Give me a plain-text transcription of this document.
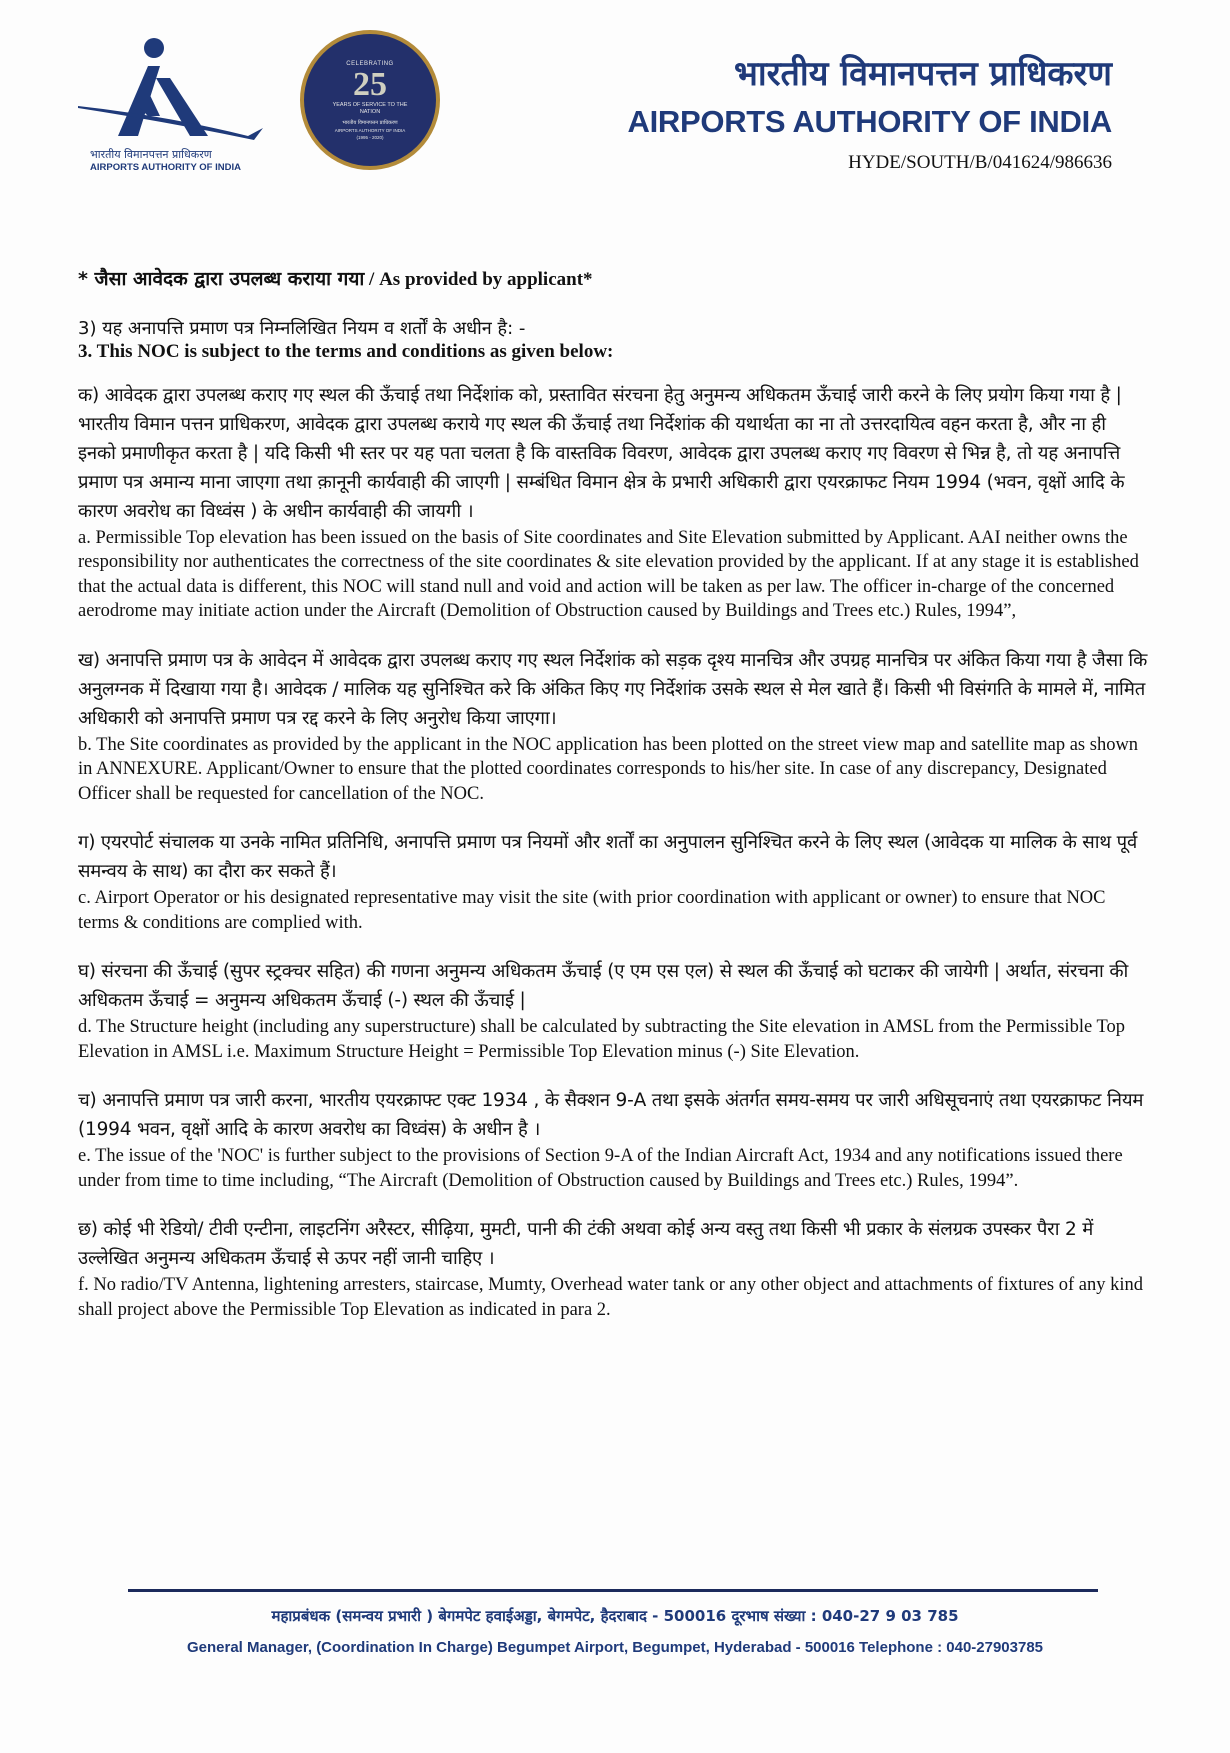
भारतीय विमानपत्तन प्राधिकरण
AIRPORTS AUTHORITY OF INDIA
CELEBRATING
25
YEARS OF SERVICE TO THE NATION
भारतीय विमानपत्तन प्राधिकरण
AIRPORTS AUTHORITY OF INDIA
(1995 - 2020)
भारतीय विमानपत्तन प्राधिकरण
AIRPORTS AUTHORITY OF INDIA
HYDE/SOUTH/B/041624/986636

* जैसा आवेदक द्वारा उपलब्ध कराया गया / As provided by applicant*

3) यह अनापत्ति प्रमाण पत्र निम्नलिखित नियम व शर्तों के अधीन है: -

3. This NOC is subject to the terms and conditions as given below:

क) आवेदक द्वारा उपलब्ध कराए गए स्थल की ऊँचाई तथा निर्देशांक को, प्रस्तावित संरचना हेतु अनुमन्य अधिकतम ऊँचाई जारी करने के लिए प्रयोग किया गया है | भारतीय विमान पत्तन प्राधिकरण, आवेदक द्वारा उपलब्ध कराये गए स्थल की ऊँचाई तथा निर्देशांक की यथार्थता का ना तो उत्तरदायित्व वहन करता है, और ना ही इनको प्रमाणीकृत करता है | यदि किसी भी स्तर पर यह पता चलता है कि वास्तविक विवरण, आवेदक द्वारा उपलब्ध कराए गए विवरण से भिन्न है, तो यह अनापत्ति प्रमाण पत्र अमान्य माना जाएगा तथा क़ानूनी कार्यवाही की जाएगी | सम्बंधित विमान क्षेत्र के प्रभारी अधिकारी द्वारा एयरक्राफट नियम 1994 (भवन, वृक्षों आदि के कारण अवरोध का विध्वंस ) के अधीन कार्यवाही की जायगी ।

a. Permissible Top elevation has been issued on the basis of Site coordinates and Site Elevation submitted by Applicant. AAI neither owns the responsibility nor authenticates the correctness of the site coordinates & site elevation provided by the applicant. If at any stage it is established that the actual data is different, this NOC will stand null and void and action will be taken as per law. The officer in-charge of the concerned aerodrome may initiate action under the Aircraft (Demolition of Obstruction caused by Buildings and Trees etc.) Rules, 1994”,

ख) अनापत्ति प्रमाण पत्र के आवेदन में आवेदक द्वारा उपलब्ध कराए गए स्थल निर्देशांक को सड़क दृश्य मानचित्र और उपग्रह मानचित्र पर अंकित किया गया है जैसा कि अनुलग्नक में दिखाया गया है। आवेदक / मालिक यह सुनिश्चित करे कि अंकित किए गए निर्देशांक उसके स्थल से मेल खाते हैं। किसी भी विसंगति के मामले में, नामित अधिकारी को अनापत्ति प्रमाण पत्र रद्द करने के लिए अनुरोध किया जाएगा।

b. The Site coordinates as provided by the applicant in the NOC application has been plotted on the street view map and satellite map as shown in ANNEXURE. Applicant/Owner to ensure that the plotted coordinates corresponds to his/her site. In case of any discrepancy, Designated Officer shall be requested for cancellation of the NOC.

ग) एयरपोर्ट संचालक या उनके नामित प्रतिनिधि, अनापत्ति प्रमाण पत्र नियमों और शर्तों का अनुपालन सुनिश्चित करने के लिए स्थल (आवेदक या मालिक के साथ पूर्व समन्वय के साथ) का दौरा कर सकते हैं।

c. Airport Operator or his designated representative may visit the site (with prior coordination with applicant or owner) to ensure that NOC terms & conditions are complied with.

घ) संरचना की ऊँचाई (सुपर स्ट्रक्चर सहित) की गणना अनुमन्य अधिकतम ऊँचाई (ए एम एस एल) से स्थल की ऊँचाई को घटाकर की जायेगी | अर्थात, संरचना की अधिकतम ऊँचाई = अनुमन्य अधिकतम ऊँचाई (-) स्थल की ऊँचाई |

d. The Structure height (including any superstructure) shall be calculated by subtracting the Site elevation in AMSL from the Permissible Top Elevation in AMSL i.e. Maximum Structure Height = Permissible Top Elevation minus (-) Site Elevation.

च) अनापत्ति प्रमाण पत्र जारी करना, भारतीय एयरक्राफ्ट एक्ट 1934 , के सैक्शन 9-A तथा इसके अंतर्गत समय-समय पर जारी अधिसूचनाएं तथा एयरक्राफट नियम (1994 भवन, वृक्षों आदि के कारण अवरोध का विध्वंस) के अधीन है ।

e. The issue of the 'NOC' is further subject to the provisions of Section 9-A of the Indian Aircraft Act, 1934 and any notifications issued there under from time to time including, “The Aircraft (Demolition of Obstruction caused by Buildings and Trees etc.) Rules, 1994”.

छ) कोई भी रेडियो/ टीवी एन्टीना, लाइटनिंग अरैस्टर, सीढ़िया, मुमटी, पानी की टंकी अथवा कोई अन्य वस्तु तथा किसी भी प्रकार के संलग्रक उपस्कर पैरा 2 में उल्लेखित अनुमन्य अधिकतम ऊँचाई से ऊपर नहीं जानी चाहिए ।

f. No radio/TV Antenna, lightening arresters, staircase, Mumty, Overhead water tank or any other object and attachments of fixtures of any kind shall project above the Permissible Top Elevation as indicated in para 2.

महाप्रबंधक (समन्वय प्रभारी ) बेगमपेट हवाईअड्डा, बेगमपेट, हैदराबाद - 500016 दूरभाष संख्या : 040-27 9 03 785
General Manager, (Coordination In Charge) Begumpet Airport, Begumpet, Hyderabad - 500016 Telephone : 040-27903785
